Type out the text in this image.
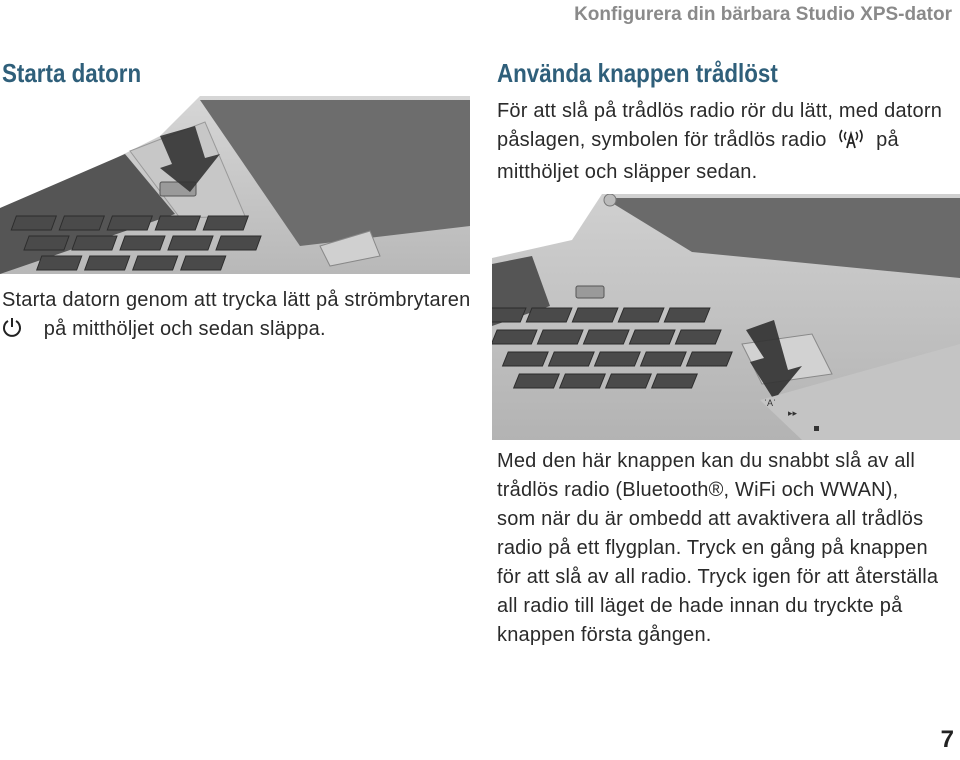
Konfigurera din bärbara Studio XPS-dator
Starta datorn

Starta datorn genom att trycka lätt på strömbrytaren

på mitthöljet och sedan släppa.

Använda knappen trådlöst

För att slå på trådlös radio rör du lätt, med datorn

påslagen, symbolen för trådlös radio på

mitthöljet och släpper sedan.

ʿAʾ
▸▸

Med den här knappen kan du snabbt slå av all

trådlös radio (Bluetooth®, WiFi och WWAN),

som när du är ombedd att avaktivera all trådlös

radio på ett flygplan. Tryck en gång på knappen

för att slå av all radio. Tryck igen för att återställa

all radio till läget de hade innan du tryckte på

knappen första gången.

7
